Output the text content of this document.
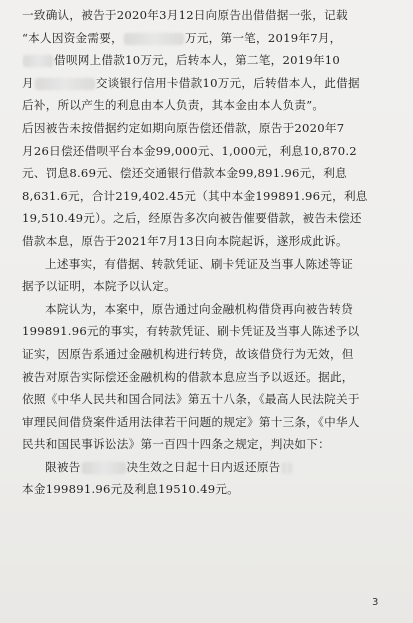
一致确认，被告于2020年3月12日向原告出借借据一张，记载
“本人因资金需要，	万元，第一笔，2019年7月，
借呗网上借款10万元，后转本人，第二笔，2019年10
月	交谈银行信用卡借款10万元，后转借本人，此借据
后补，所以产生的利息由本人负责，其本金由本人负责”。
后因被告未按借据约定如期向原告偿还借款，原告于2020年7
月26日偿还借呗平台本金99,000元、1,000元，利息10,870.2
元、罚息8.69元、偿还交通银行借款本金99,891.96元，利息
8,631.6元，合计219,402.45元（其中本金199891.96元，利息
19,510.49元）。之后，经原告多次向被告催要借款，被告未偿还
借款本息，原告于2021年7月13日向本院起诉，遂形成此诉。
上述事实，有借据、转款凭证、刷卡凭证及当事人陈述等证
据予以证明，本院予以认定。
本院认为，本案中，原告通过向金融机构借贷再向被告转贷
199891.96元的事实，有转款凭证、刷卡凭证及当事人陈述予以
证实，因原告系通过金融机构进行转贷，故该借贷行为无效，但
被告对原告实际偿还金融机构的借款本息应当予以返还。据此，
依照《中华人民共和国合同法》第五十八条，《最高人民法院关于
审理民间借贷案件适用法律若干问题的规定》第十三条，《中华人
民共和国民事诉讼法》第一百四十四条之规定，判决如下：
限被告	决生效之日起十日内返还原告
本金199891.96元及利息19510.49元。
3
